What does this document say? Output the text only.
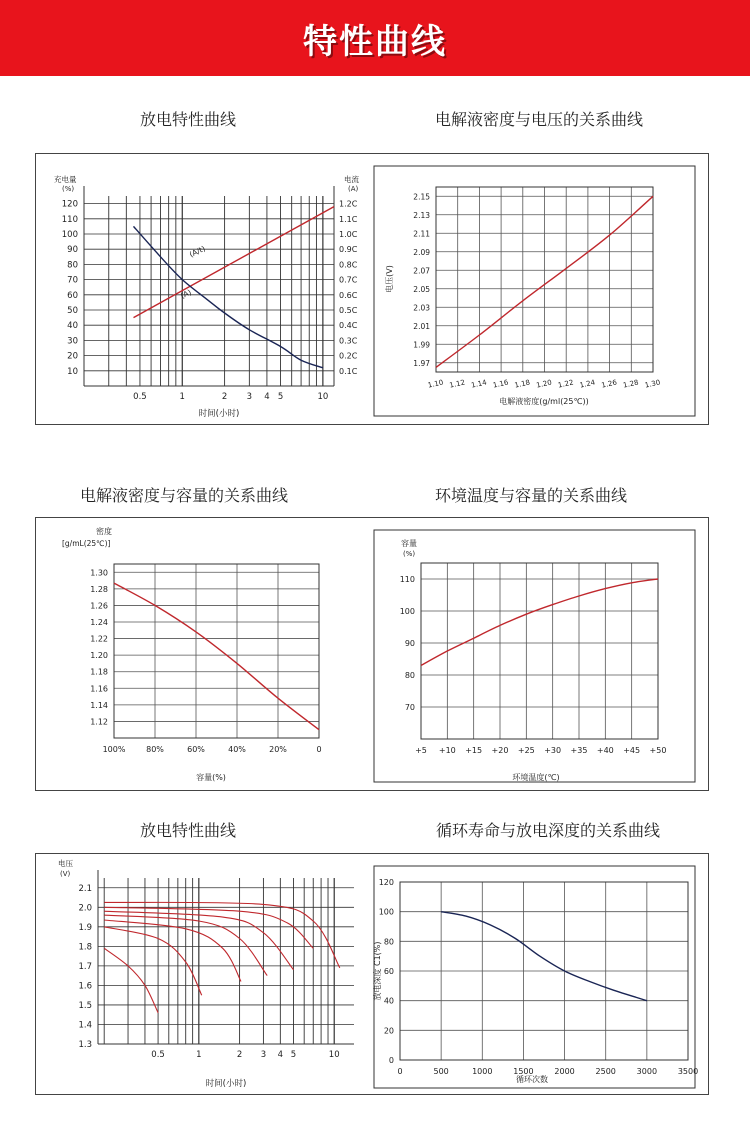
特性曲线
放电特性曲线	电解液密度与电压的关系曲线
10
20
30
40
50
60
70
80
90
100
110
120
0.1C
0.2C
0.3C
0.4C
0.5C
0.6C
0.7C
0.8C
0.9C
1.0C
1.1C
1.2C
0.5	1	2 3 4 5	10
充电量
(%)
电流
(A)
时间(小时)
(A/t)
(A)
1.97
1.99
2.01
2.03
2.05
2.07
2.09
2.11
2.13
2.15
1.10 1.12 1.14 1.16 1.18 1.20 1.22 1.24 1.26 1.28 1.30
电解液密度(g/ml(25℃))
电压(V)
电解液密度与容量的关系曲线	环境温度与容量的关系曲线
1.12
1.14
1.16
1.18
1.20
1.22
1.24
1.26
1.28
1.30
100%	80%	60%	40%	20%	0
密度
[g/mL(25℃)]
容量(%)
70
80
90
100
110
+5 +10 +15 +20 +25 +30 +35 +40 +45 +50
容量
(%)
环境温度(℃)
放电特性曲线	循环寿命与放电深度的关系曲线
1.3
1.4
1.5
1.6
1.7
1.8
1.9
2.0
2.1
0.5	1	2 3 4 5	10
电压
(V)
时间(小时)
0
20
40
60
80
100
120
0	500	1000	1500	2000	2500	3000	3500
循环次数
放电深度 C1(%)
